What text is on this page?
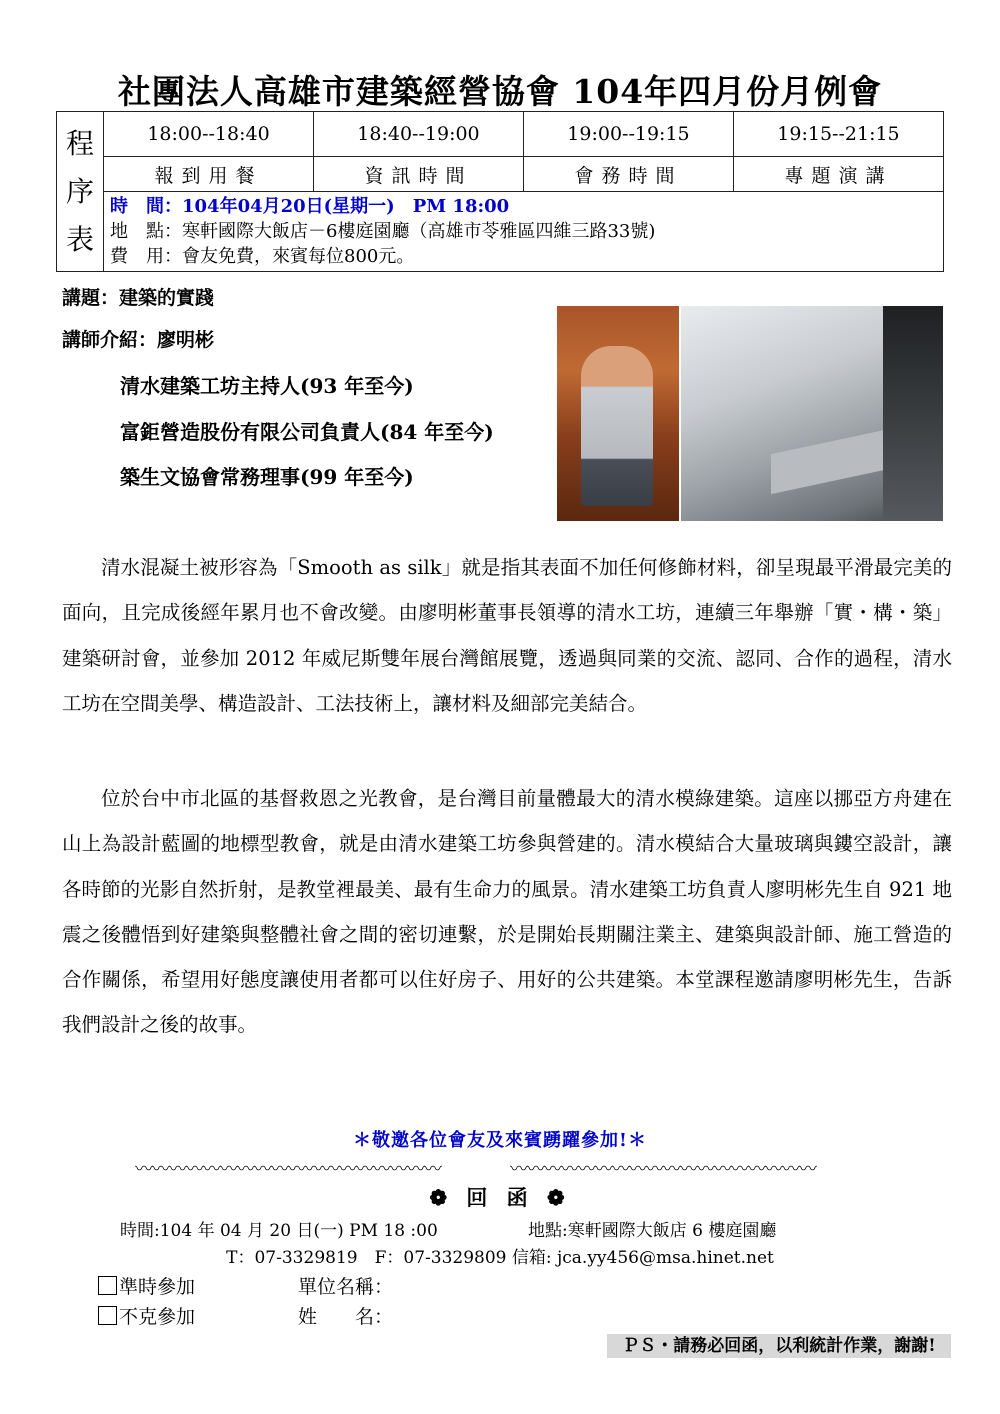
社團法人高雄市建築經營協會 104年四月份月例會
程
序
表	18:00--18:40	18:40--19:00	19:00--19:15	19:15--21:15
	報到用餐	資訊時間	會務時間	專題演講

	時　間：104年04月20日(星期一)　PM 18:00
地　點：寒軒國際大飯店－6樓庭園廳（高雄市苓雅區四維三路33號)
費　用：會友免費，來賓每位800元。			
講題：建築的實踐
講師介紹：廖明彬
清水建築工坊主持人(93 年至今)
富鉅營造股份有限公司負責人(84 年至今)
築生文協會常務理事(99 年至今)
清水混凝土被形容為「Smooth as silk」就是指其表面不加任何修飾材料，卻呈現最平滑最完美的面向，且完成後經年累月也不會改變。由廖明彬董事長領導的清水工坊，連續三年舉辦「實・構・築」建築研討會，並參加 2012 年威尼斯雙年展台灣館展覽，透過與同業的交流、認同、合作的過程，清水工坊在空間美學、構造設計、工法技術上，讓材料及細部完美結合。
位於台中市北區的基督救恩之光教會，是台灣目前量體最大的清水模綠建築。這座以挪亞方舟建在山上為設計藍圖的地標型教會，就是由清水建築工坊參與營建的。清水模結合大量玻璃與鏤空設計，讓各時節的光影自然折射，是教堂裡最美、最有生命力的風景。清水建築工坊負責人廖明彬先生自 921 地震之後體悟到好建築與整體社會之間的密切連繫，於是開始長期關注業主、建築與設計師、施工營造的合作關係，希望用好態度讓使用者都可以住好房子、用好的公共建築。本堂課程邀請廖明彬先生，告訴我們設計之後的故事。
＊敬邀各位會友及來賓踴躍參加!＊
〰〰〰〰〰〰〰〰〰〰〰〰〰〰〰〰〰〰	〰〰〰〰〰〰〰〰〰〰〰〰〰〰〰〰〰〰
❁ 回 函 ❁
時間:104 年 04 月 20 日(一) PM 18 :00	地點:寒軒國際大飯店 6 樓庭園廳
T：07-3329819　F：07-3329809 信箱: jca.yy456@msa.hinet.net
準時參加	單位名稱：
不克參加	姓　　名：
ＰＳ・請務必回函，以利統計作業，謝謝!
